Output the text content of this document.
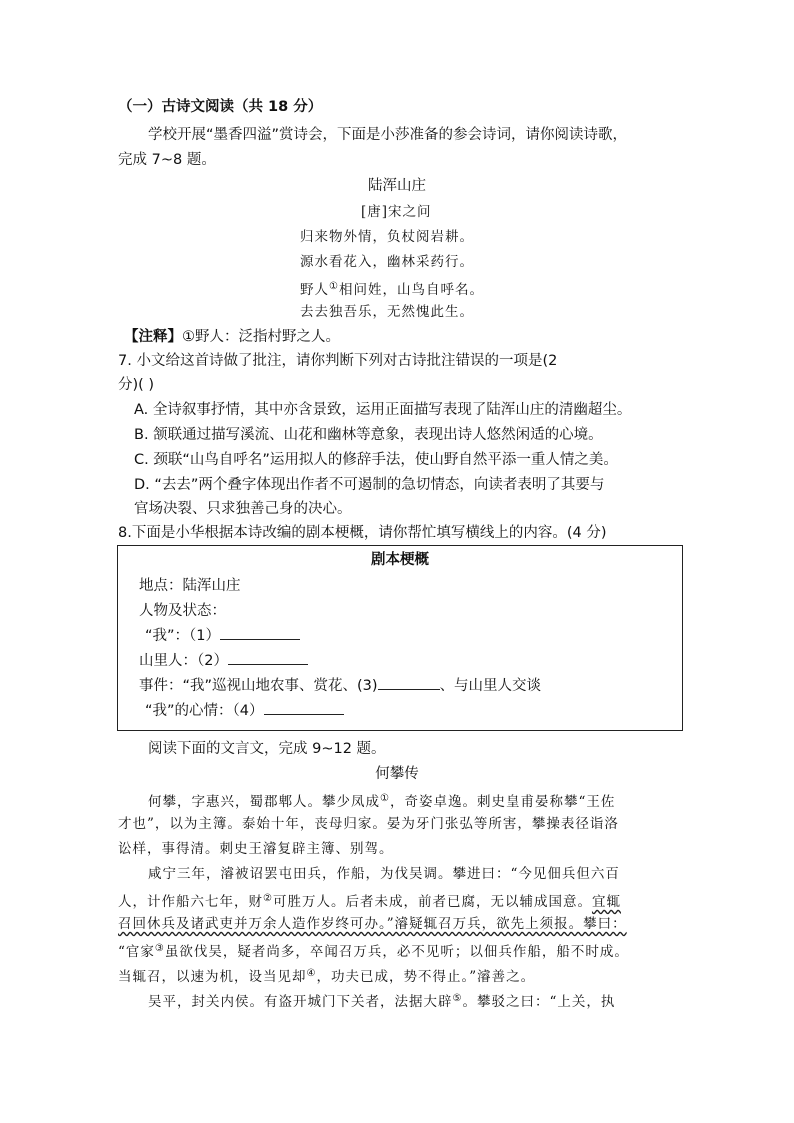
（一）古诗文阅读（共 18 分）
学校开展“墨香四溢”赏诗会，下面是小莎准备的参会诗词，请你阅读诗歌，
完成 7~8 题。
陆浑山庄
[唐]宋之问
归来物外情，负杖阅岩耕。
源水看花入，幽林采药行。
野人①相问姓，山鸟自呼名。
去去独吾乐，无然愧此生。
【注释】①野人：泛指村野之人。
7. 小文给这首诗做了批注，请你判断下列对古诗批注错误的一项是(2
分)( )
A. 全诗叙事抒情，其中亦含景致，运用正面描写表现了陆浑山庄的清幽超尘。
B. 颔联通过描写溪流、山花和幽林等意象，表现出诗人悠然闲适的心境。
C. 颈联“山鸟自呼名”运用拟人的修辞手法，使山野自然平添一重人情之美。
D. “去去”两个叠字体现出作者不可遏制的急切情态，向读者表明了其要与
官场决裂、只求独善己身的决心。
8.下面是小华根据本诗改编的剧本梗概，请你帮忙填写横线上的内容。(4 分)
剧本梗概
地点：陆浑山庄
人物及状态：
“我”：（1）
山里人：（2）
事件：“我”巡视山地农事、赏花、(3)	、与山里人交谈
“我”的心情：（4）
阅读下面的文言文，完成 9~12 题。
何攀传
何攀，字惠兴，蜀郡郫人。攀少凤成①，奇姿卓逸。刺史皇甫晏称攀“王佐
才也”，以为主簿。泰始十年，丧母归家。晏为牙门张弘等所害，攀操表径诣洛
讼样，事得清。刺史王濬复辟主簿、别驾。
咸宁三年，濬被诏罢屯田兵，作船，为伐吴调。攀进曰：“今见佃兵但六百
人，计作船六七年，财②可胜万人。后者未成，前者已腐，无以辅成国意。宜辄
召回休兵及诸武吏并万余人造作岁终可办。”濬疑辄召万兵，欲先上须报。攀曰：
“官家③虽欲伐吴，疑者尚多，卒闻召万兵，必不见听；以佃兵作船，船不时成。
当辄召，以速为机，设当见却④，功夫已成，势不得止。”濬善之。
吴平，封关内侯。有盗开城门下关者，法据大辟⑤。攀驳之曰：“上关，执
